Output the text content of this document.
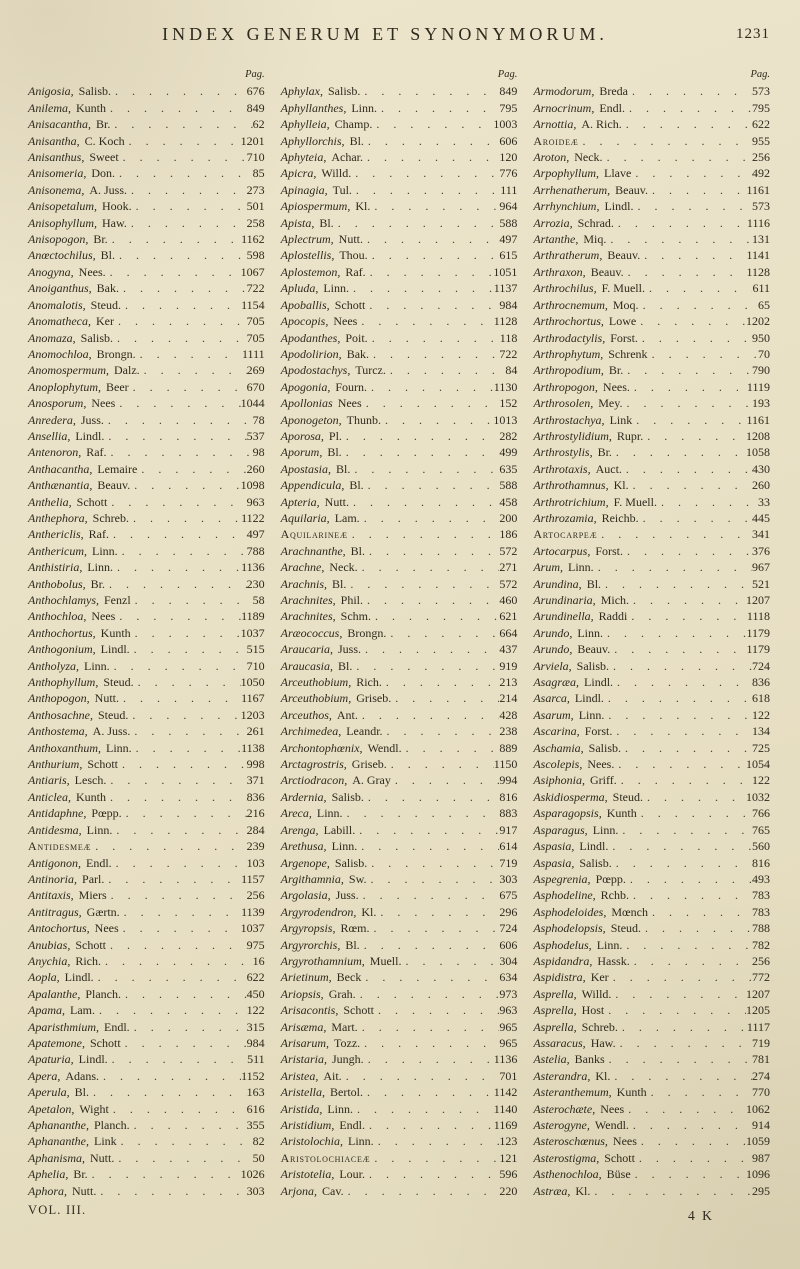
INDEX GENERUM ET SYNONYMORUM.	1231
Pag.
Anigosia, Salisb. . . .	676
Anilema, Kunth . . .	849
Anisacantha, Br. . . .	62
Anisantha, C. Koch . . .	1201
Anisanthus, Sweet . . .	710
Anisomeria, Don. . . .	85
Anisonema, A. Juss. . . .	273
Anisopetalum, Hook. . . .	501
Anisophyllum, Haw. . . .	258
Anisopogon, Br. . . .	1162
Anœctochilus, Bl. . . .	598
Anogyna, Nees. . . .	1067
Anoiganthus, Bak. . . .	722
Anomalotis, Steud. . . .	1154
Anomatheca, Ker . . .	705
Anomaza, Salisb. . . .	705
Anomochloa, Brongn. . . .	1111
Anomospermum, Dalz. . . .	269
Anoplophytum, Beer . . .	670
Anosporum, Nees . . .	1044
Anredera, Juss. . . .	78
Ansellia, Lindl. . . .	537
Antenoron, Raf. . . .	98
Anthacantha, Lemaire . . .	260
Anthænantia, Beauv. . . .	1098
Anthelia, Schott . . .	963
Anthephora, Schreb. . . .	1122
Anthericlis, Raf. . . .	497
Anthericum, Linn. . . .	788
Anthistiria, Linn. . . .	1136
Anthobolus, Br. . . .	230
Anthochlamys, Fenzl . . .	58
Anthochloa, Nees . . .	1189
Anthochortus, Kunth . . .	1037
Anthogonium, Lindl. . . .	515
Antholyza, Linn. . . .	710
Anthophyllum, Steud. . . .	1050
Anthopogon, Nutt. . . .	1167
Anthosachne, Steud. . . .	1203
Anthostema, A. Juss. . . .	261
Anthoxanthum, Linn. . . .	1138
Anthurium, Schott . . .	998
Antiaris, Lesch. . . .	371
Anticlea, Kunth . . .	836
Antidaphne, Pœpp. . . .	216
Antidesma, Linn. . . .	284
Antidesmeæ . . .	239
Antigonon, Endl. . . .	103
Antinoria, Parl. . . .	1157
Antitaxis, Miers . . .	256
Antitragus, Gærtn. . . .	1139
Antochortus, Nees . . .	1037
Anubias, Schott . . .	975
Anychia, Rich. . . .	16
Aopla, Lindl. . . .	622
Apalanthe, Planch. . . .	450
Apama, Lam. . . .	122
Aparisthmium, Endl. . . .	315
Apatemone, Schott . . .	984
Apaturia, Lindl. . . .	511
Apera, Adans. . . .	1152
Aperula, Bl. . . .	163
Apetalon, Wight . . .	616
Aphananthe, Planch. . . .	355
Aphananthe, Link . . .	82
Aphanisma, Nutt. . . .	50
Aphelia, Br. . . .	1026
Aphora, Nutt. . . .	303
Pag.
Aphylax, Salisb. . . .	849
Aphyllanthes, Linn. . . .	795
Aphylleia, Champ. . . .	1003
Aphyllorchis, Bl. . . .	606
Aphyteia, Achar. . . .	120
Apicra, Willd. . . .	776
Apinagia, Tul. . . .	111
Apiospermum, Kl. . . .	964
Apista, Bl. . . .	588
Aplectrum, Nutt. . . .	497
Aplostellis, Thou. . . .	615
Aplostemon, Raf. . . .	1051
Apluda, Linn. . . .	1137
Apoballis, Schott . . .	984
Apocopis, Nees . . .	1128
Apodanthes, Poit. . . .	118
Apodolirion, Bak. . . .	722
Apodostachys, Turcz. . . .	84
Apogonia, Fourn. . . .	1130
Apollonias Nees . . .	152
Aponogeton, Thunb. . . .	1013
Aporosa, Pl. . . .	282
Aporum, Bl. . . .	499
Apostasia, Bl. . . .	635
Appendicula, Bl. . . .	588
Apteria, Nutt. . . .	458
Aquilaria, Lam. . . .	200
Aquilarineæ . . .	186
Arachnanthe, Bl. . . .	572
Arachne, Neck. . . .	271
Arachnis, Bl. . . .	572
Arachnites, Phil. . . .	460
Arachnites, Schm. . . .	621
Aræococcus, Brongn. . . .	664
Araucaria, Juss. . . .	437
Araucasia, Bl. . . .	919
Arceuthobium, Rich. . . .	213
Arceuthobium, Griseb. . . .	214
Arceuthos, Ant. . . .	428
Archimedea, Leandr. . . .	238
Archontophœnix, Wendl. . . .	889
Arctagrostris, Griseb. . . .	1150
Arctiodracon, A. Gray . . .	994
Ardernia, Salisb. . . .	816
Areca, Linn. . . .	883
Arenga, Labill. . . .	917
Arethusa, Linn. . . .	614
Argenope, Salisb. . . .	719
Argithamnia, Sw. . . .	303
Argolasia, Juss. . . .	675
Argyrodendron, Kl. . . .	296
Argyropsis, Rœm. . . .	724
Argyrorchis, Bl. . . .	606
Argyrothamnium, Muell. . . .	304
Arietinum, Beck . . .	634
Ariopsis, Grah. . . .	973
Arisacontis, Schott . . .	963
Arisæma, Mart. . . .	965
Arisarum, Tozz. . . .	965
Aristaria, Jungh. . . .	1136
Aristea, Ait. . . .	701
Aristella, Bertol. . . .	1142
Aristida, Linn. . . .	1140
Aristidium, Endl. . . .	1169
Aristolochia, Linn. . . .	123
Aristolochiaceæ . . .	121
Aristotelia, Lour. . . .	596
Arjona, Cav. . . .	220
Pag.
Armodorum, Breda . . .	573
Arnocrinum, Endl. . . .	795
Arnottia, A. Rich. . . .	622
Aroideæ . . .	955
Aroton, Neck. . . .	256
Arpophyllum, Llave . . .	492
Arrhenatherum, Beauv. . . .	1161
Arrhynchium, Lindl. . . .	573
Arrozia, Schrad. . . .	1116
Artanthe, Miq. . . .	131
Arthratherum, Beauv. . . .	1141
Arthraxon, Beauv. . . .	1128
Arthrochilus, F. Muell. . . .	611
Arthrocnemum, Moq. . . .	65
Arthrochortus, Lowe . . .	1202
Arthrodactylis, Forst. . . .	950
Arthrophytum, Schrenk . . .	70
Arthropodium, Br. . . .	790
Arthropogon, Nees. . . .	1119
Arthrosolen, Mey. . . .	193
Arthrostachya, Link . . .	1161
Arthrostylidium, Rupr. . . .	1208
Arthrostylis, Br. . . .	1058
Arthrotaxis, Auct. . . .	430
Arthrothamnus, Kl. . . .	260
Arthrotrichium, F. Muell. . . .	33
Arthrozamia, Reichb. . . .	445
Artocarpeæ . . .	341
Artocarpus, Forst. . . .	376
Arum, Linn. . . .	967
Arundina, Bl. . . .	521
Arundinaria, Mich. . . .	1207
Arundinella, Raddi . . .	1118
Arundo, Linn. . . .	1179
Arundo, Beauv. . . .	1179
Arviela, Salisb. . . .	724
Asagræa, Lindl. . . .	836
Asarca, Lindl. . . .	618
Asarum, Linn. . . .	122
Ascarina, Forst. . . .	134
Aschamia, Salisb. . . .	725
Ascolepis, Nees. . . .	1054
Asiphonia, Griff. . . .	122
Askidiosperma, Steud. . . .	1032
Asparagopsis, Kunth . . .	766
Asparagus, Linn. . . .	765
Aspasia, Lindl. . . .	560
Aspasia, Salisb. . . .	816
Aspegrenia, Pœpp. . . .	493
Asphodeline, Rchb. . . .	783
Asphodeloides, Mœnch . . .	783
Asphodelopsis, Steud. . . .	788
Asphodelus, Linn. . . .	782
Aspidandra, Hassk. . . .	256
Aspidistra, Ker . . .	772
Asprella, Willd. . . .	1207
Asprella, Host . . .	1205
Asprella, Schreb. . . .	1117
Assaracus, Haw. . . .	719
Astelia, Banks . . .	781
Asterandra, Kl. . . .	274
Asteranthemum, Kunth . . .	770
Asterochæte, Nees . . .	1062
Asterogyne, Wendl. . . .	914
Asteroschœnus, Nees . . .	1059
Asterostigma, Schott . . .	987
Asthenochloa, Büse . . .	1096
Astræa, Kl. . . .	295
VOL. III.	4 K
